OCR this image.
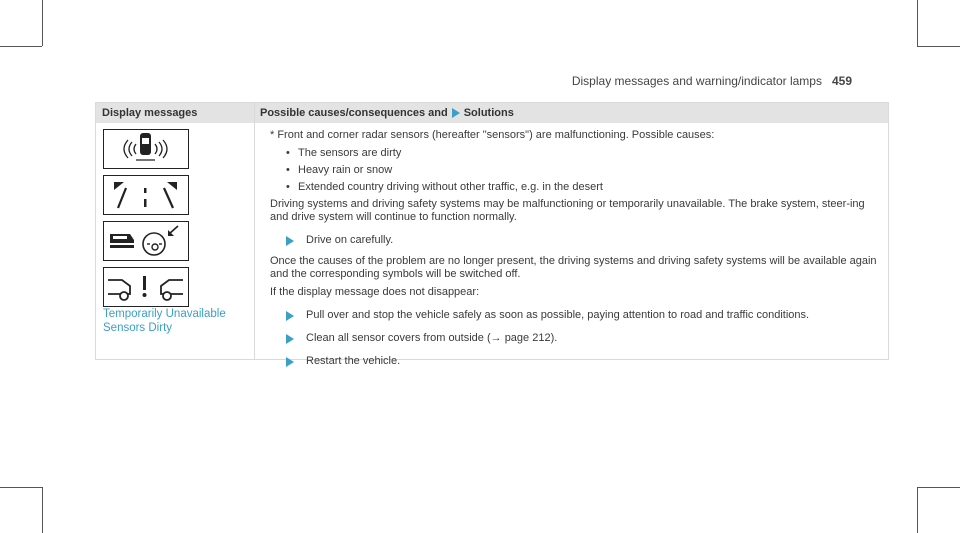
Display messages and warning/indicator lamps 459
Display messages	Possible causes/consequences and Solutions
Temporarily Unavailable
Sensors Dirty

* Front and corner radar sensors (hereafter "sensors") are malfunctioning. Possible causes:

• The sensors are dirty
• Heavy rain or snow
• Extended country driving without other traffic, e.g. in the desert

Driving systems and driving safety systems may be malfunctioning or temporarily unavailable. The brake system, steer-ing and drive system will continue to function normally.

Drive on carefully.

Once the causes of the problem are no longer present, the driving systems and driving safety systems will be available again and the corresponding symbols will be switched off.

If the display message does not disappear:

Pull over and stop the vehicle safely as soon as possible, paying attention to road and traffic conditions.
Clean all sensor covers from outside (→ page 212).
Restart the vehicle.
